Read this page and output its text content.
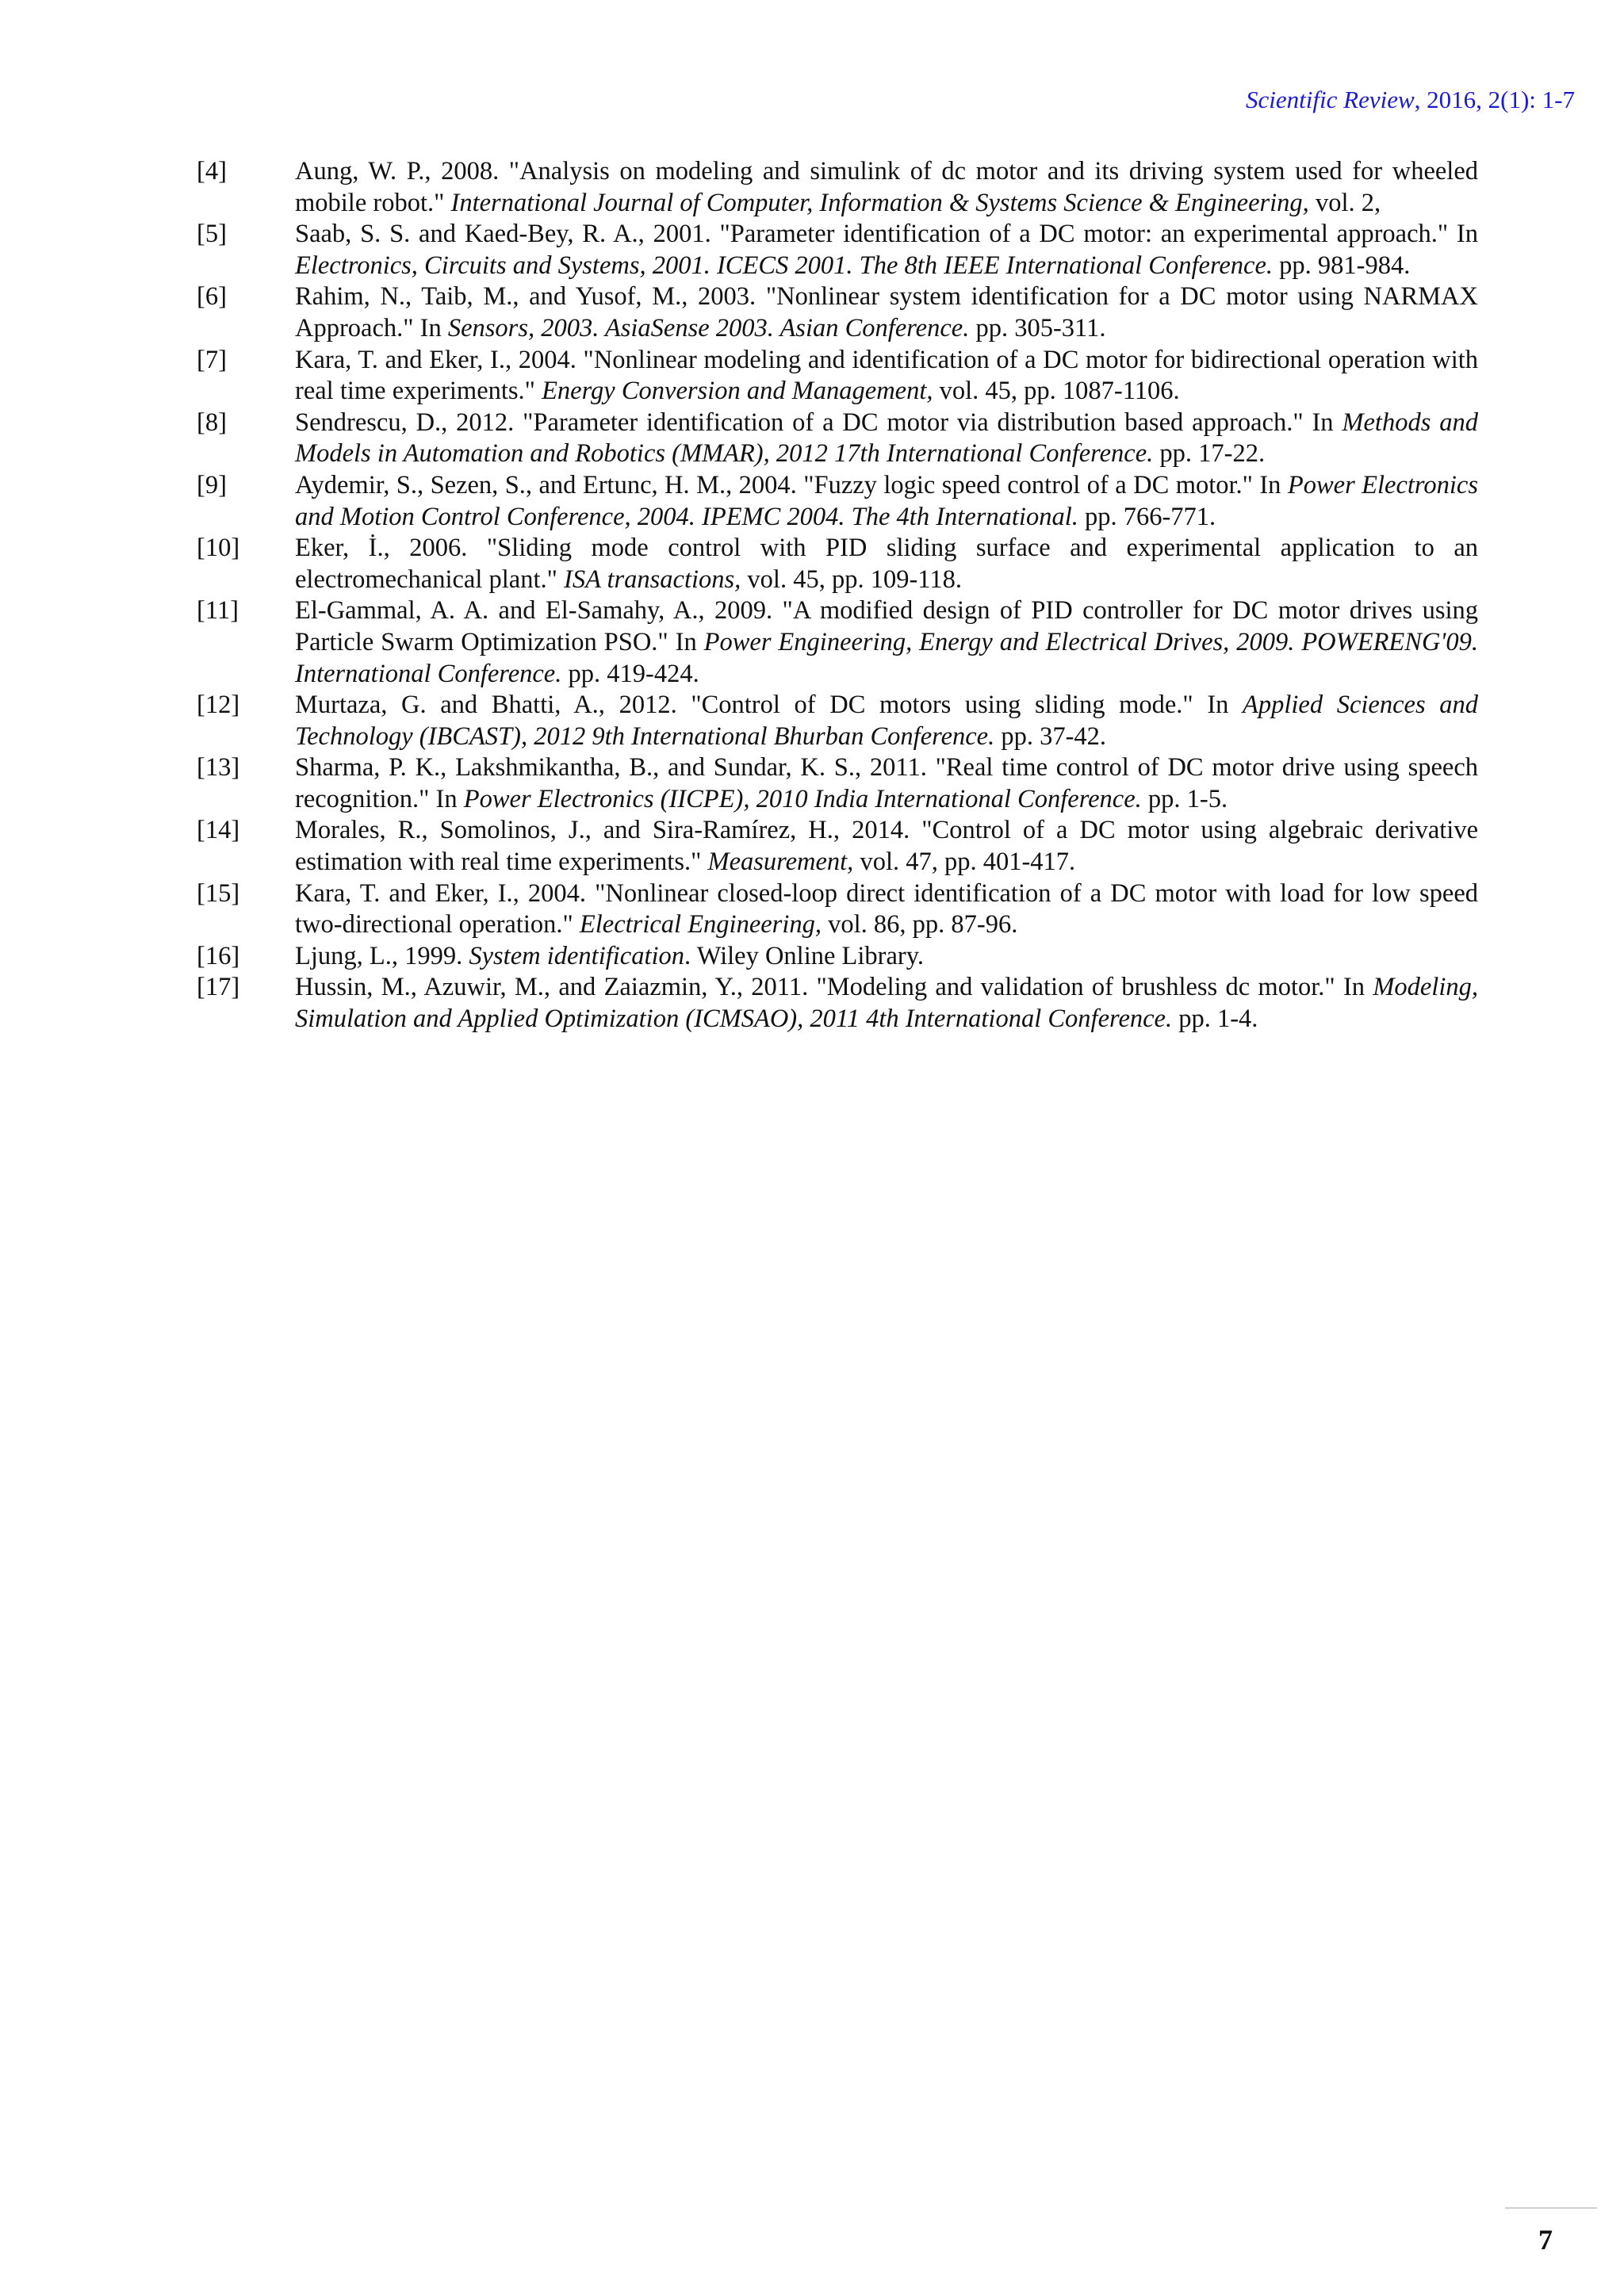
Scientific Review, 2016, 2(1): 1-7
[4]	Aung, W. P., 2008. "Analysis on modeling and simulink of dc motor and its driving system used for wheeled mobile robot." International Journal of Computer, Information & Systems Science & Engineering, vol. 2,
[5]	Saab, S. S. and Kaed-Bey, R. A., 2001. "Parameter identification of a DC motor: an experimental approach." In Electronics, Circuits and Systems, 2001. ICECS 2001. The 8th IEEE International Conference. pp. 981-984.
[6]	Rahim, N., Taib, M., and Yusof, M., 2003. "Nonlinear system identification for a DC motor using NARMAX Approach." In Sensors, 2003. AsiaSense 2003. Asian Conference. pp. 305-311.
[7]	Kara, T. and Eker, I., 2004. "Nonlinear modeling and identification of a DC motor for bidirectional operation with real time experiments." Energy Conversion and Management, vol. 45, pp. 1087-1106.
[8]	Sendrescu, D., 2012. "Parameter identification of a DC motor via distribution based approach." In Methods and Models in Automation and Robotics (MMAR), 2012 17th International Conference. pp. 17-22.
[9]	Aydemir, S., Sezen, S., and Ertunc, H. M., 2004. "Fuzzy logic speed control of a DC motor." In Power Electronics and Motion Control Conference, 2004. IPEMC 2004. The 4th International. pp. 766-771.
[10]	Eker, İ., 2006. "Sliding mode control with PID sliding surface and experimental application to an electromechanical plant." ISA transactions, vol. 45, pp. 109-118.
[11]	El-Gammal, A. A. and El-Samahy, A., 2009. "A modified design of PID controller for DC motor drives using Particle Swarm Optimization PSO." In Power Engineering, Energy and Electrical Drives, 2009. POWERENG'09. International Conference. pp. 419-424.
[12]	Murtaza, G. and Bhatti, A., 2012. "Control of DC motors using sliding mode." In Applied Sciences and Technology (IBCAST), 2012 9th International Bhurban Conference. pp. 37-42.
[13]	Sharma, P. K., Lakshmikantha, B., and Sundar, K. S., 2011. "Real time control of DC motor drive using speech recognition." In Power Electronics (IICPE), 2010 India International Conference. pp. 1-5.
[14]	Morales, R., Somolinos, J., and Sira-Ramírez, H., 2014. "Control of a DC motor using algebraic derivative estimation with real time experiments." Measurement, vol. 47, pp. 401-417.
[15]	Kara, T. and Eker, I., 2004. "Nonlinear closed-loop direct identification of a DC motor with load for low speed two-directional operation." Electrical Engineering, vol. 86, pp. 87-96.
[16]	Ljung, L., 1999. System identification. Wiley Online Library.
[17]	Hussin, M., Azuwir, M., and Zaiazmin, Y., 2011. "Modeling and validation of brushless dc motor." In Modeling, Simulation and Applied Optimization (ICMSAO), 2011 4th International Conference. pp. 1-4.
7
